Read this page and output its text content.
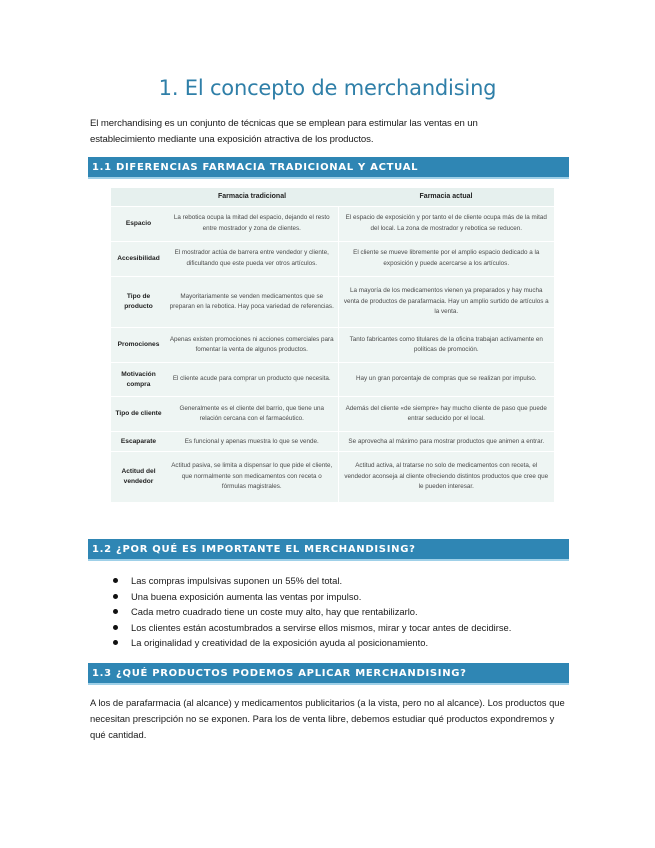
1. El concepto de merchandising

El merchandising es un conjunto de técnicas que se emplean para estimular las ventas en un establecimiento mediante una exposición atractiva de los productos.

1.1 DIFERENCIAS FARMACIA TRADICIONAL Y ACTUAL
	Farmacia tradicional	Farmacia actual
Espacio	La rebotica ocupa la mitad del espacio, dejando el resto entre mostrador y zona de clientes.	El espacio de exposición y por tanto el de cliente ocupa más de la mitad del local. La zona de mostrador y rebotica se reducen.
Accesibilidad	El mostrador actúa de barrera entre vendedor y cliente, dificultando que este pueda ver otros artículos.	El cliente se mueve libremente por el amplio espacio dedicado a la exposición y puede acercarse a los artículos.
Tipo de producto	Mayoritariamente se venden medicamentos que se preparan en la rebotica. Hay poca variedad de referencias.	La mayoría de los medicamentos vienen ya preparados y hay mucha venta de productos de parafarmacia. Hay un amplio surtido de artículos a la venta.
Promociones	Apenas existen promociones ni acciones comerciales para fomentar la venta de algunos productos.	Tanto fabricantes como titulares de la oficina trabajan activamente en políticas de promoción.
Motivación compra	El cliente acude para comprar un producto que necesita.	Hay un gran porcentaje de compras que se realizan por impulso.
Tipo de cliente	Generalmente es el cliente del barrio, que tiene una relación cercana con el farmacéutico.	Además del cliente «de siempre» hay mucho cliente de paso que puede entrar seducido por el local.
Escaparate	Es funcional y apenas muestra lo que se vende.	Se aprovecha al máximo para mostrar productos que animen a entrar.
Actitud del vendedor	Actitud pasiva, se limita a dispensar lo que pide el cliente, que normalmente son medicamentos con receta o fórmulas magistrales.	Actitud activa, al tratarse no solo de medicamentos con receta, el vendedor aconseja al cliente ofreciendo distintos productos que cree que le pueden interesar.
1.2 ¿POR QUÉ ES IMPORTANTE EL MERCHANDISING?
Las compras impulsivas suponen un 55% del total.
Una buena exposición aumenta las ventas por impulso.
Cada metro cuadrado tiene un coste muy alto, hay que rentabilizarlo.
Los clientes están acostumbrados a servirse ellos mismos, mirar y tocar antes de decidirse.
La originalidad y creatividad de la exposición ayuda al posicionamiento.
1.3 ¿QUÉ PRODUCTOS PODEMOS APLICAR MERCHANDISING?

A los de parafarmacia (al alcance) y medicamentos publicitarios (a la vista, pero no al alcance). Los productos que necesitan prescripción no se exponen. Para los de venta libre, debemos estudiar qué productos expondremos y qué cantidad.
